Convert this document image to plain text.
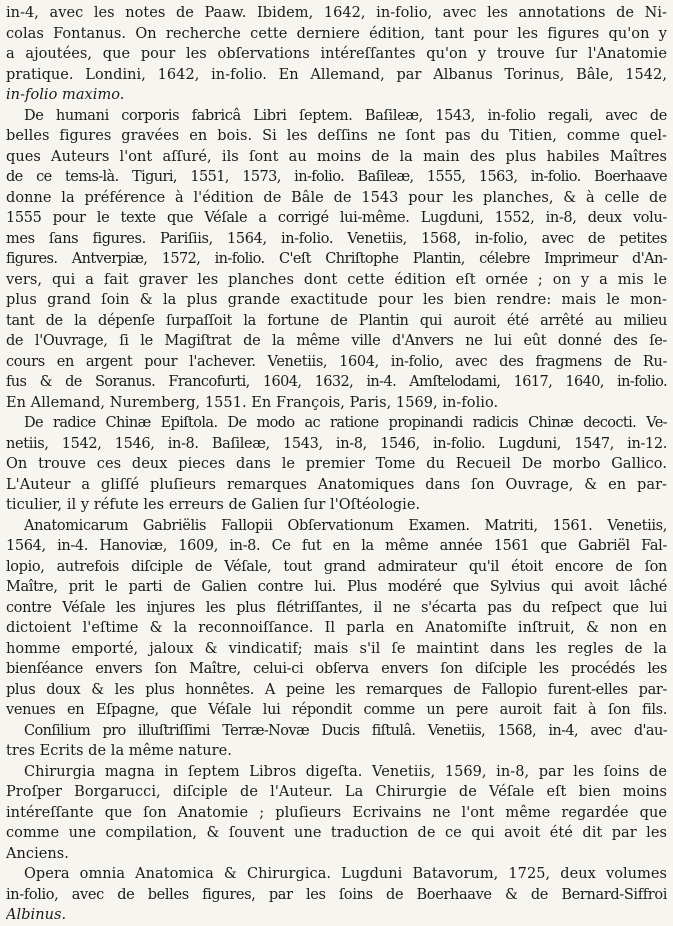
in-4, avec les notes de Paaw. Ibidem, 1642, in-folio, avec les annotations de Ni-
colas Fontanus. On recherche cette derniere édition, tant pour les figures qu'on y
a ajoutées, que pour les obſervations intéreſſantes qu'on y trouve ſur l'Anatomie
pratique. Londini, 1642, in-folio. En Allemand, par Albanus Torinus, Bâle, 1542,
in-folio maximo.
De humani corporis fabricâ Libri ſeptem. Baſileæ, 1543, in-folio regali, avec de
belles figures gravées en bois. Si les deſſins ne ſont pas du Titien, comme quel-
ques Auteurs l'ont aſſuré, ils ſont au moins de la main des plus habiles Maîtres
de ce tems-là. Tiguri, 1551, 1573, in-folio. Baſileæ, 1555, 1563, in-folio. Boerhaave
donne la préférence à l'édition de Bâle de 1543 pour les planches, & à celle de
1555 pour le texte que Véſale a corrigé lui-même. Lugduni, 1552, in-8, deux volu-
mes ſans figures. Pariſiis, 1564, in-folio. Venetiis, 1568, in-folio, avec de petites
figures. Antverpiæ, 1572, in-folio. C'eſt Chriſtophe Plantin, célebre Imprimeur d'An-
vers, qui a fait graver les planches dont cette édition eſt ornée ; on y a mis le
plus grand ſoin & la plus grande exactitude pour les bien rendre: mais le mon-
tant de la dépenſe ſurpaſſoit la fortune de Plantin qui auroit été arrêté au milieu
de l'Ouvrage, ſi le Magiſtrat de la même ville d'Anvers ne lui eût donné des ſe-
cours en argent pour l'achever. Venetiis, 1604, in-folio, avec des fragmens de Ru-
fus & de Soranus. Francofurti, 1604, 1632, in-4. Amſtelodami, 1617, 1640, in-folio.
En Allemand, Nuremberg, 1551. En François, Paris, 1569, in-folio.
De radice Chinæ Epiſtola. De modo ac ratione propinandi radicis Chinæ decocti. Ve-
netiis, 1542, 1546, in-8. Baſileæ, 1543, in-8, 1546, in-folio. Lugduni, 1547, in-12.
On trouve ces deux pieces dans le premier Tome du Recueil De morbo Gallico.
L'Auteur a gliſſé pluſieurs remarques Anatomiques dans ſon Ouvrage, & en par-
ticulier, il y réfute les erreurs de Galien ſur l'Oſtéologie.
Anatomicarum Gabriëlis Fallopii Obſervationum Examen. Matriti, 1561. Venetiis,
1564, in-4. Hanoviæ, 1609, in-8. Ce fut en la même année 1561 que Gabriël Fal-
lopio, autrefois diſciple de Véſale, tout grand admirateur qu'il étoit encore de ſon
Maître, prit le parti de Galien contre lui. Plus modéré que Sylvius qui avoit lâché
contre Véſale les injures les plus flétriſſantes, il ne s'écarta pas du reſpect que lui
dictoient l'eſtime & la reconnoiſſance. Il parla en Anatomiſte inſtruit, & non en
homme emporté, jaloux & vindicatif; mais s'il ſe maintint dans les regles de la
bienſéance envers ſon Maître, celui-ci obſerva envers ſon diſciple les procédés les
plus doux & les plus honnêtes. A peine les remarques de Fallopio furent-elles par-
venues en Eſpagne, que Véſale lui répondit comme un pere auroit fait à ſon fils.
Conſilium pro illuſtriſſimi Terræ-Novæ Ducis fiſtulâ. Venetiis, 1568, in-4, avec d'au-
tres Ecrits de la même nature.
Chirurgia magna in ſeptem Libros digeſta. Venetiis, 1569, in-8, par les ſoins de
Proſper Borgarucci, diſciple de l'Auteur. La Chirurgie de Véſale eſt bien moins
intéreſſante que ſon Anatomie ; pluſieurs Ecrivains ne l'ont même regardée que
comme une compilation, & ſouvent une traduction de ce qui avoit été dit par les
Anciens.
Opera omnia Anatomica & Chirurgica. Lugduni Batavorum, 1725, deux volumes
in-folio, avec de belles figures, par les ſoins de Boerhaave & de Bernard-Siffroi
Albinus.
